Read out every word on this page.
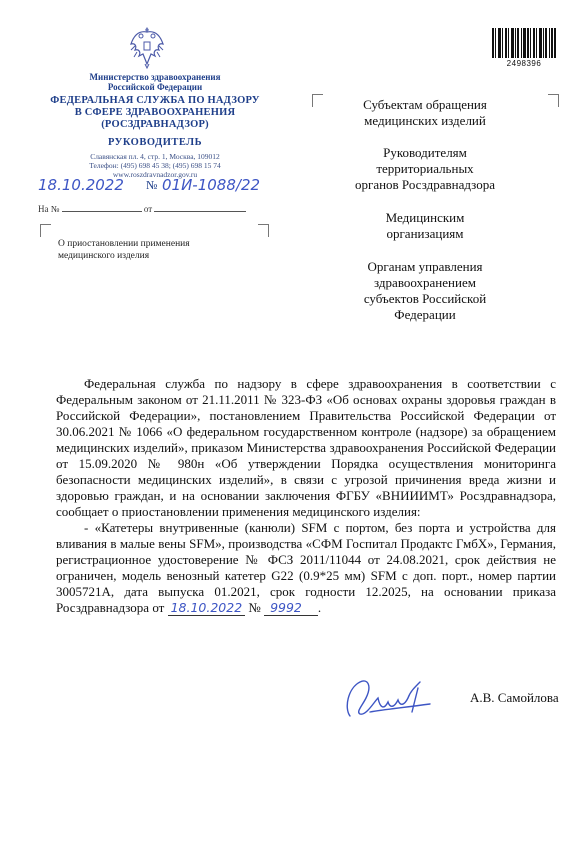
Министерство здравоохранения
Российской Федерации
ФЕДЕРАЛЬНАЯ СЛУЖБА ПО НАДЗОРУ
В СФЕРЕ ЗДРАВООХРАНЕНИЯ
(РОСЗДРАВНАДЗОР)
РУКОВОДИТЕЛЬ
Славянская пл. 4, стр. 1, Москва, 109012
Телефон: (495) 698 45 38; (495) 698 15 74
www.roszdravnadzor.gov.ru
18.10.2022 № 01И-1088/22
На №	от
О приостановлении применения
медицинского изделия
Субъектам обращения
медицинских изделий
Руководителям
территориальных
органов Росздравнадзора
Медицинским
организациям
Органам управления
здравоохранением
субъектов Российской
Федерации
2498396

Федеральная служба по надзору в сфере здравоохранения в соответствии с Федеральным законом от 21.11.2011 № 323-ФЗ «Об основах охраны здоровья граждан в Российской Федерации», постановлением Правительства Российской Федерации от 30.06.2021 № 1066 «О федеральном государственном контроле (надзоре) за обращением медицинских изделий», приказом Министерства здравоохранения Российской Федерации от 15.09.2020 № 980н «Об утверждении Порядка осуществления мониторинга безопасности медицинских изделий», в связи с угрозой причинения вреда жизни и здоровью граждан, и на основании заключения ФГБУ «ВНИИИМТ» Росздравнадзора, сообщает о приостановлении применения медицинского изделия:

- «Катетеры внутривенные (канюли) SFM с портом, без порта и устройства для вливания в малые вены SFM», производства «СФМ Госпитал Продактс ГмбХ», Германия, регистрационное удостоверение № ФСЗ 2011/11044 от 24.08.2021, срок действия не ограничен, модель венозный катетер G22 (0.9*25 мм) SFM с доп. порт., номер партии 3005721А, дата выпуска 01.2021, срок годности 12.2025, на основании приказа Росздравнадзора от 18.10.2022 № 9992 .

А.В. Самойлова
